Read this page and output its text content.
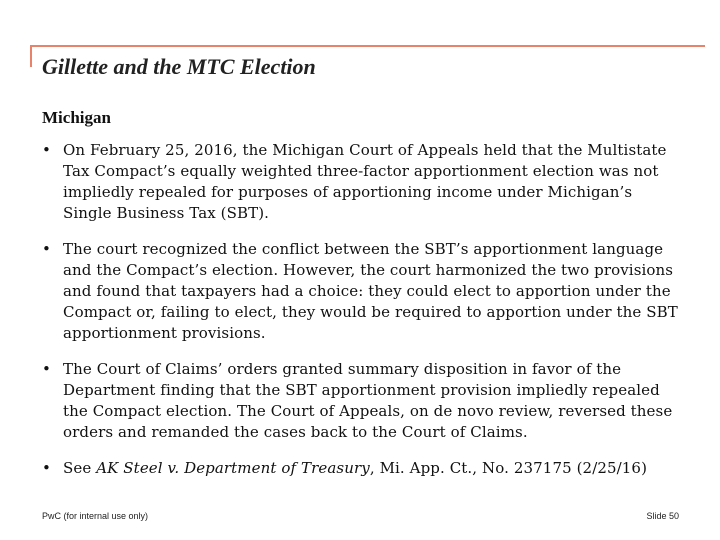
Gillette and the MTC Election
Michigan
• On February 25, 2016, the Michigan Court of Appeals held that the Multistate Tax Compact’s equally weighted three-factor apportionment election was not impliedly repealed for purposes of apportioning income under Michigan’s Single Business Tax (SBT).
• The court recognized the conflict between the SBT’s apportionment language and the Compact’s election. However, the court harmonized the two provisions and found that taxpayers had a choice: they could elect to apportion under the Compact or, failing to elect, they would be required to apportion under the SBT apportionment provisions.
• The Court of Claims’ orders granted summary disposition in favor of the Department finding that the SBT apportionment provision impliedly repealed the Compact election. The Court of Appeals, on de novo review, reversed these orders and remanded the cases back to the Court of Claims.
• See AK Steel v. Department of Treasury, Mi. App. Ct., No. 237175 (2/25/16)
PwC (for internal use only)	Slide 50
